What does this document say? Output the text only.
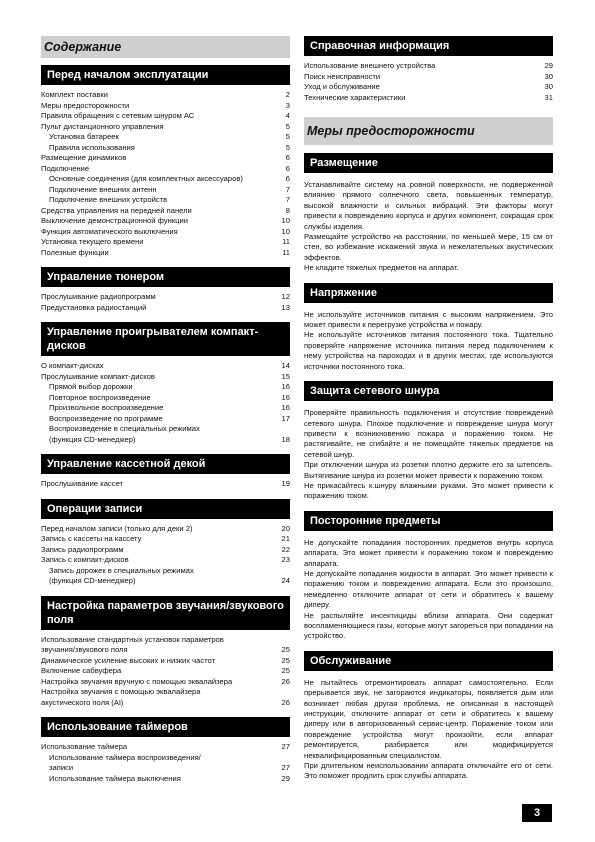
Содержание
Перед началом эксплуатации
Комплект поставки	2
Меры предосторожности	3
Правила обращения с сетевым шнуром АС	4
Пульт дистанционного управления	5
Установка батареек	5
Правила использования	5
Размещение динамиков	6
Подключение	6
Основные соединения (для комплектных аксессуаров)	6
Подключение внешних антенн	7
Подключение внешних устройств	7
Средства управления на передней панели	8
Выключение демонстрационной функции	10
Функция автоматического выключения	10
Установка текущего времени	11
Полезные функции	11
Управление тюнером
Прослушивание радиопрограмм	12
Предустановка радиостанций	13
Управление проигрывателем компакт-дисков
О компакт-дисках	14
Прослушивание компакт-дисков	15
Прямой выбор дорожки	16
Повторное воспроизведение	16
Произвольное воспроизведение	16
Воспроизведение по программе	17
Воспроизведение в специальных режимах
(функция CD-менеджер)	18
Управление кассетной декой
Прослушивание кассет	19
Операции записи
Перед началом записи (только для деки 2)	20
Запись с кассеты на кассету	21
Запись радиопрограмм	22
Запись с компакт-дисков	23
Запись дорожек в специальных режимах
(функция CD-менеджер)	24
Настройка параметров звучания/звукового поля
Использование стандартных установок параметров
звучания/звукового поля	25
Динамическое усиление высоких и низких частот	25
Включение сабвуфера	25
Настройка звучания вручную с помощью эквалайзера	26
Настройка звучания с помощью эквалайзера
акустического поля (AI)	26
Использование таймеров
Использование таймера	27
Использование таймера воспроизведения/
записи	27
Использование таймера выключения	29
Справочная информация
Использование внешнего устройства	29
Поиск неисправности	30
Уход и обслуживание	30
Технические характеристики	31
Меры предосторожности
Размещение

Устанавливайте систему на ровной поверхности, не подверженной влиянию прямого солнечного света, повышенных температур, высокой влажности и сильных вибраций. Эти факторы могут привести к повреждению корпуса и других компонент, сокращая срок службы изделия.

Размещайте устройство на расстоянии, по меньшей мере, 15 см от стен, во избежание искажений звука и нежелательных акустических эффектов.

Не кладите тяжелых предметов на аппарат.

Напряжение

Не используйте источников питания с высоким напряжением. Это может привести к перегрузке устройства и пожару.

Не используйте источников питания постоянного тока. Тщательно проверяйте напряжение источника питания перед подключением к нему устройства на пароходах и в других местах, где используются источники постоянного тока.

Защита сетевого шнура

Проверяйте правильность подключения и отсутствие повреждений сетевого шнура. Плохое подключение и повреждение шнура могут привести к возникновению пожара и поражению током. Не растягивайте, не сгибайте и не помещайте тяжелых предметов на сетевой шнур.

При отключении шнура из розетки плотно держите его за штепсель. Вытягивание шнура из розетки может привести к поражению током.

Не прикасайтесь к.шнуру влажными руками. Это может привести к поражению током.

Посторонние предметы

Не допускайте попадания посторонних предметов внутрь корпуса аппарата. Это может привести к поражению током и повреждению аппарата.

Не допускайте попадания жидкости в аппарат. Это может привести к поражению током и повреждению аппарата. Если это произошло, немедленно отключите аппарат от сети и обратитесь к вашему диперу.

Не распыляйте инсектициды вблизи аппарата. Они содержат воспламеняющиеся газы, которые могут загореться при попадании на устройство.

Обслуживание

Не пытайтесь отремонтировать аппарат самостоятельно. Если прерывается звук, не загораются индикаторы, появляется дым или возникает любая другая проблема, не описанная в настоящей инструкции, отключите аппарат от сети и обратитесь к вашему диперу или в авторизованный сервис-центр. Поражение током или повреждение устройства могут произойти, если аппарат ремонтируется, разбирается или модифицируется неквалифицированным специалистом.

При длительном неиспользовании аппарата отключайте его от сети. Это поможет продлить срок службы аппарата.

3
